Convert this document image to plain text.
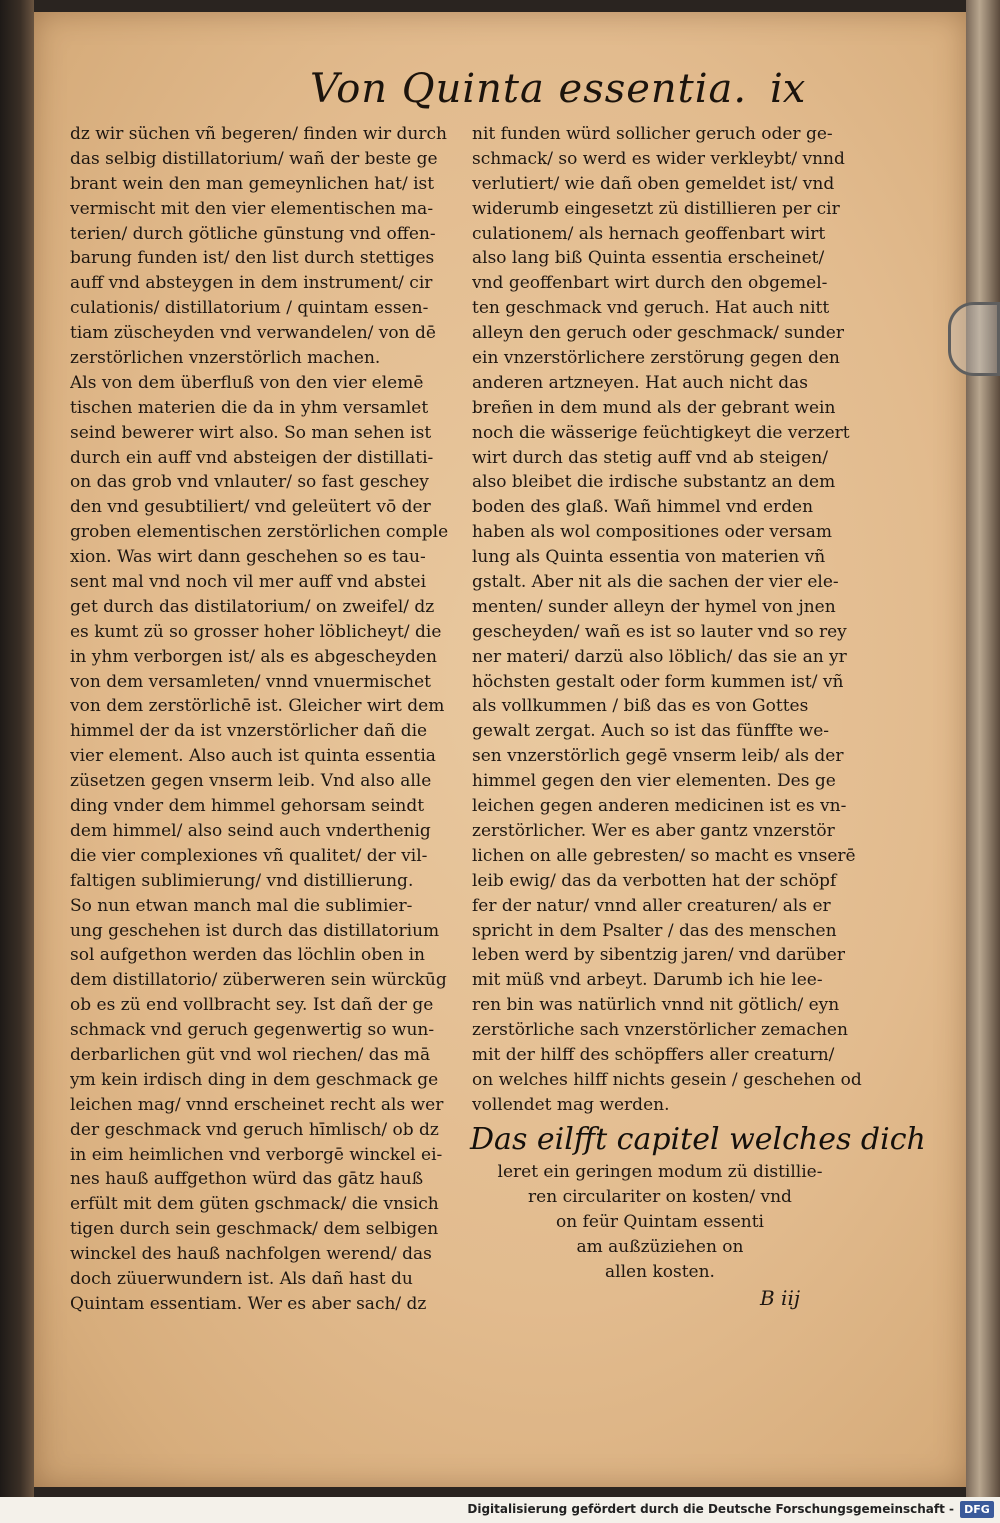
Von Quinta essentia. ix
dz wir süchen vñ begeren/ finden wir durch
das selbig distillatorium/ wañ der beste ge
brant wein den man gemeynlichen hat/ ist
vermischt mit den vier elementischen ma-
terien/ durch götliche gūnstung vnd offen-
barung funden ist/ den list durch stettiges
auff vnd absteygen in dem instrument/ cir
culationis/ distillatorium / quintam essen-
tiam züscheyden vnd verwandelen/ von dē
zerstörlichen vnzerstörlich machen.
Als von dem überfluß von den vier elemē
tischen materien die da in yhm versamlet
seind bewerer wirt also. So man sehen ist
durch ein auff vnd absteigen der distillati-
on das grob vnd vnlauter/ so fast geschey
den vnd gesubtiliert/ vnd geleütert vō der
groben elementischen zerstörlichen comple
xion. Was wirt dann geschehen so es tau-
sent mal vnd noch vil mer auff vnd abstei
get durch das distilatorium/ on zweifel/ dz
es kumt zü so grosser hoher löblicheyt/ die
in yhm verborgen ist/ als es abgescheyden
von dem versamleten/ vnnd vnuermischet
von dem zerstörlichē ist. Gleicher wirt dem
himmel der da ist vnzerstörlicher dañ die
vier element. Also auch ist quinta essentia
züsetzen gegen vnserm leib. Vnd also alle
ding vnder dem himmel gehorsam seindt
dem himmel/ also seind auch vnderthenig
die vier complexiones vñ qualitet/ der vil-
faltigen sublimierung/ vnd distillierung.
So nun etwan manch mal die sublimier-
ung geschehen ist durch das distillatorium
sol aufgethon werden das löchlin oben in
dem distillatorio/ züberweren sein würckūg
ob es zü end vollbracht sey. Ist dañ der ge
schmack vnd geruch gegenwertig so wun-
derbarlichen güt vnd wol riechen/ das mā
ym kein irdisch ding in dem geschmack ge
leichen mag/ vnnd erscheinet recht als wer
der geschmack vnd geruch hīmlisch/ ob dz
in eim heimlichen vnd verborgē winckel ei-
nes hauß auffgethon würd das gātz hauß
erfült mit dem güten gschmack/ die vnsich
tigen durch sein geschmack/ dem selbigen
winckel des hauß nachfolgen werend/ das
doch züuerwundern ist. Als dañ hast du
Quintam essentiam. Wer es aber sach/ dz
nit funden würd sollicher geruch oder ge-
schmack/ so werd es wider verkleybt/ vnnd
verlutiert/ wie dañ oben gemeldet ist/ vnd
widerumb eingesetzt zü distillieren per cir
culationem/ als hernach geoffenbart wirt
also lang biß Quinta essentia erscheinet/
vnd geoffenbart wirt durch den obgemel-
ten geschmack vnd geruch. Hat auch nitt
alleyn den geruch oder geschmack/ sunder
ein vnzerstörlichere zerstörung gegen den
anderen artzneyen. Hat auch nicht das
breñen in dem mund als der gebrant wein
noch die wässerige feüchtigkeyt die verzert
wirt durch das stetig auff vnd ab steigen/
also bleibet die irdische substantz an dem
boden des glaß. Wañ himmel vnd erden
haben als wol compositiones oder versam
lung als Quinta essentia von materien vñ
gstalt. Aber nit als die sachen der vier ele-
menten/ sunder alleyn der hymel von jnen
gescheyden/ wañ es ist so lauter vnd so rey
ner materi/ darzü also löblich/ das sie an yr
höchsten gestalt oder form kummen ist/ vñ
als vollkummen / biß das es von Gottes
gewalt zergat. Auch so ist das fünffte we-
sen vnzerstörlich gegē vnserm leib/ als der
himmel gegen den vier elementen. Des ge
leichen gegen anderen medicinen ist es vn-
zerstörlicher. Wer es aber gantz vnzerstör
lichen on alle gebresten/ so macht es vnserē
leib ewig/ das da verbotten hat der schöpf
fer der natur/ vnnd aller creaturen/ als er
spricht in dem Psalter / das des menschen
leben werd by sibentzig jaren/ vnd darüber
mit müß vnd arbeyt. Darumb ich hie lee-
ren bin was natürlich vnnd nit götlich/ eyn
zerstörliche sach vnzerstörlicher zemachen
mit der hilff des schöpffers aller creaturn/
on welches hilff nichts gesein / geschehen od
vollendet mag werden.
Das eilfft capitel welches dich
leret ein geringen modum zü distillie-
ren circulariter on kosten/ vnd
on feür Quintam essenti
am außzüziehen on
allen kosten.
B iij
Digitalisierung gefördert durch die Deutsche Forschungsgemeinschaft - DFG
